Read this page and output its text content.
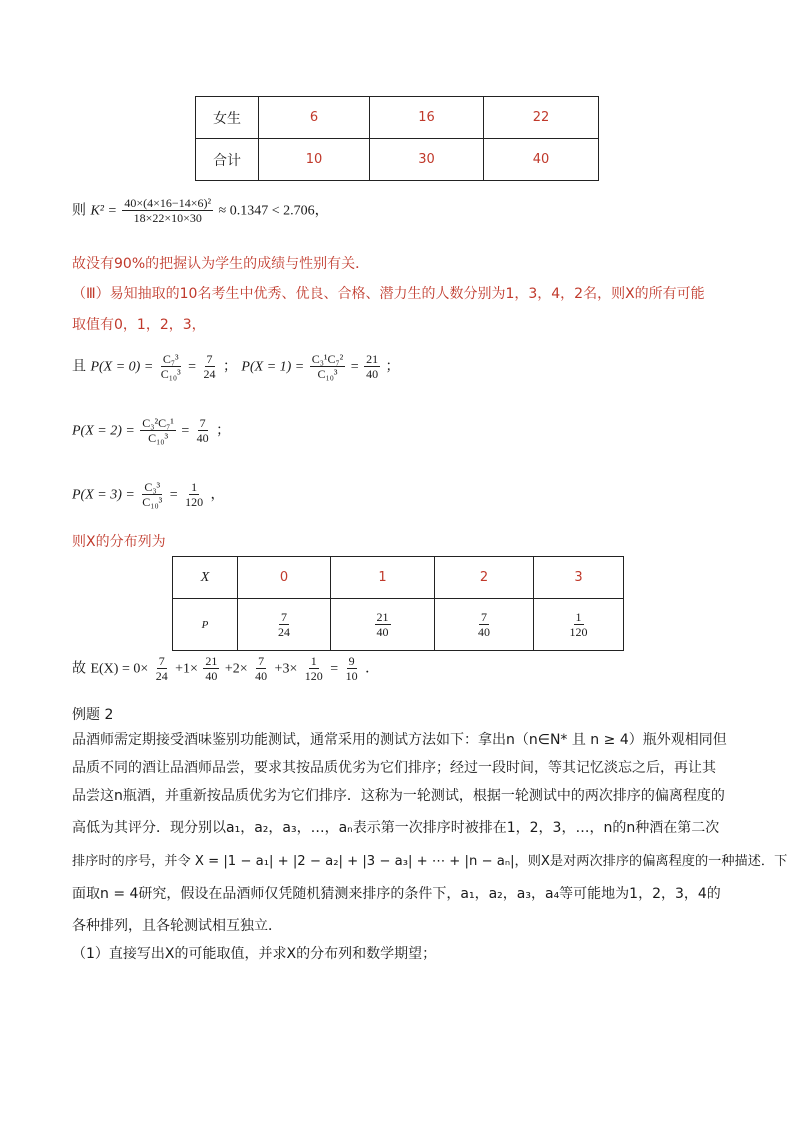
女生	6	16	22
合计	10	30	40
则 $K^2 = \frac{\text{40×(4×16−14×6)²}}{18\times 22\times 10\times 30} \approx 0.1347 < 2.706$，
故没有90%的把握认为学生的成绩与性别有关．
（Ⅲ）易知抽取的10名考生中优秀、优良、合格、潜力生的人数分别为1，3，4，2名，则X的所有可能
取值有0，1，2，3，
且 $P(X = 0) = \frac{\text{C₇³}}{\text{C₁₀³}} = \frac{7}{24}$ ； $P(X = 1) = \frac{\text{C₃¹C₇²}}{\text{C₁₀³}} = \frac{21}{40}$ ；
$P(X = 2) = \frac{\text{C₃²C₇¹}}{\text{C₁₀³}} = \frac{7}{40}$ ；
$P(X = 3) = \frac{\text{C₃³}}{\text{C₁₀³}} = \frac{1}{120}$ ，
则X的分布列为
X	0	1	2	3
P	$\frac{7}{24}$	$\frac{21}{40}$	$\frac{7}{40}$	$\frac{1}{120}$
故 $E(X) = 0\times \frac{7}{24} +1\times \frac{21}{40} +2\times \frac{7}{40} +3\times \frac{1}{120} = \frac{9}{10}$ ．
例题 2
品酒师需定期接受酒味鉴别功能测试，通常采用的测试方法如下：拿出n（n∈N* 且 n ≥ 4）瓶外观相同但
品质不同的酒让品酒师品尝，要求其按品质优劣为它们排序；经过一段时间，等其记忆淡忘之后，再让其
品尝这n瓶酒，并重新按品质优劣为它们排序．这称为一轮测试，根据一轮测试中的两次排序的偏离程度的
高低为其评分．现分别以a₁，a₂，a₃，…，aₙ表示第一次排序时被排在1，2，3，…，n的n种酒在第二次
排序时的序号，并令 X = |1 − a₁| + |2 − a₂| + |3 − a₃| + ⋯ + |n − aₙ|，则X是对两次排序的偏离程度的一种描述．下
面取n = 4研究，假设在品酒师仅凭随机猜测来排序的条件下，a₁，a₂，a₃，a₄等可能地为1，2，3，4的
各种排列，且各轮测试相互独立．
（1）直接写出X的可能取值，并求X的分布列和数学期望；
